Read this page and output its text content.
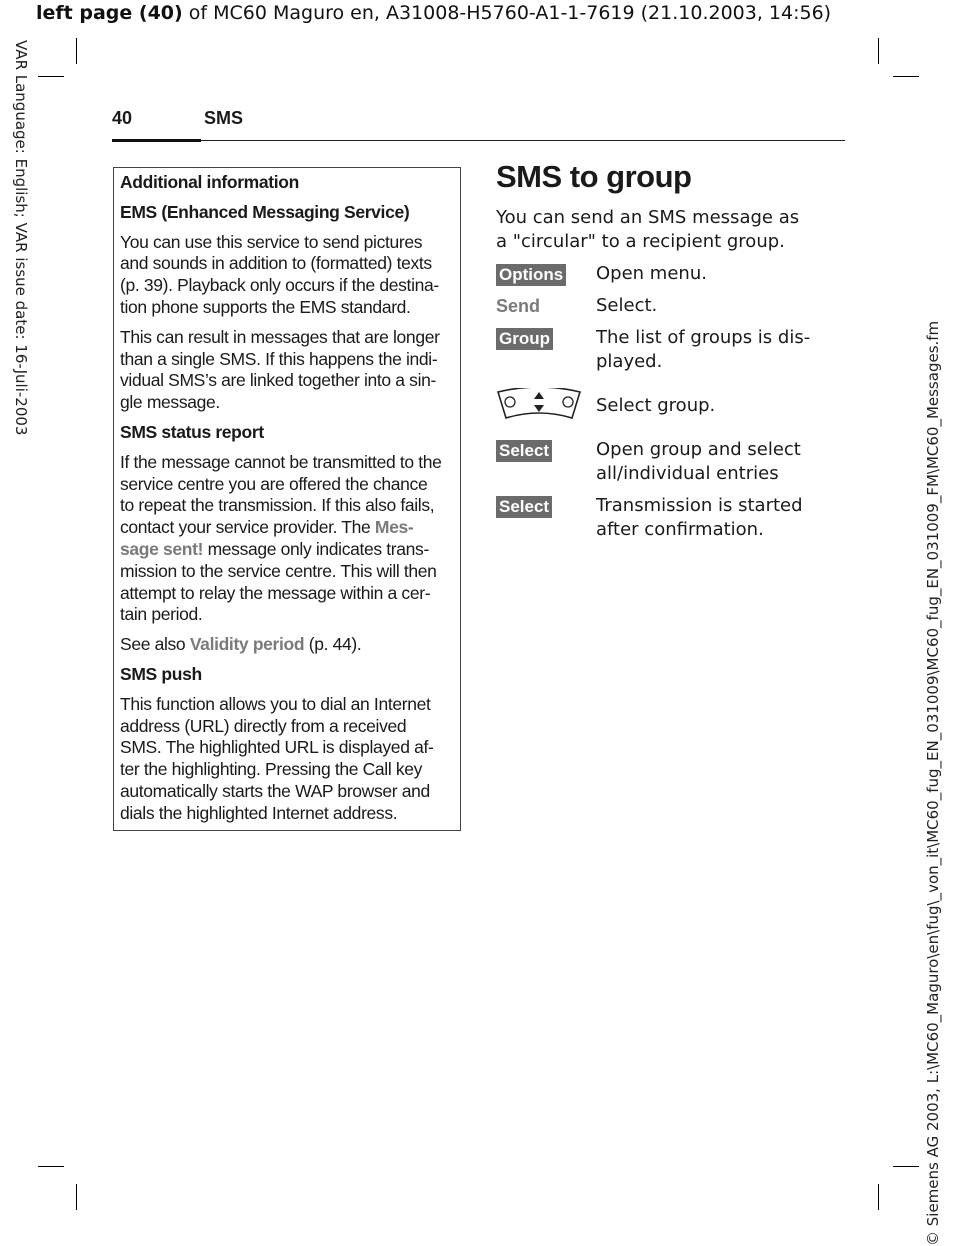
left page (40) of MC60 Maguro en, A31008-H5760-A1-1-7619 (21.10.2003, 14:56)
VAR Language: English; VAR issue date: 16-Juli-2003
© Siemens AG 2003, L:\MC60_Maguro\en\fug\_von_it\MC60_fug_EN_031009\MC60_fug_EN_031009_FM\MC60_Messages.fm
40	SMS
Additional information
EMS (Enhanced Messaging Service)
You can use this service to send pictures
and sounds in addition to (formatted) texts
(p. 39). Playback only occurs if the destina-
tion phone supports the EMS standard.
This can result in messages that are longer
than a single SMS. If this happens the indi-
vidual SMS’s are linked together into a sin-
gle message.
SMS status report
If the message cannot be transmitted to the
service centre you are offered the chance
to repeat the transmission. If this also fails,
contact your service provider. The Mes-
sage sent! message only indicates trans-
mission to the service centre. This will then
attempt to relay the message within a cer-
tain period.
See also Validity period (p. 44).
SMS push
This function allows you to dial an Internet
address (URL) directly from a received
SMS. The highlighted URL is displayed af-
ter the highlighting. Pressing the Call key
automatically starts the WAP browser and
dials the highlighted Internet address.
SMS to group
You can send an SMS message as
a "circular" to a recipient group.
Options Open menu.
Send	Select.
Group	The list of groups is dis-
played.
Select group.
Select	Open group and select
all/individual entries
Select	Transmission is started
after confirmation.
